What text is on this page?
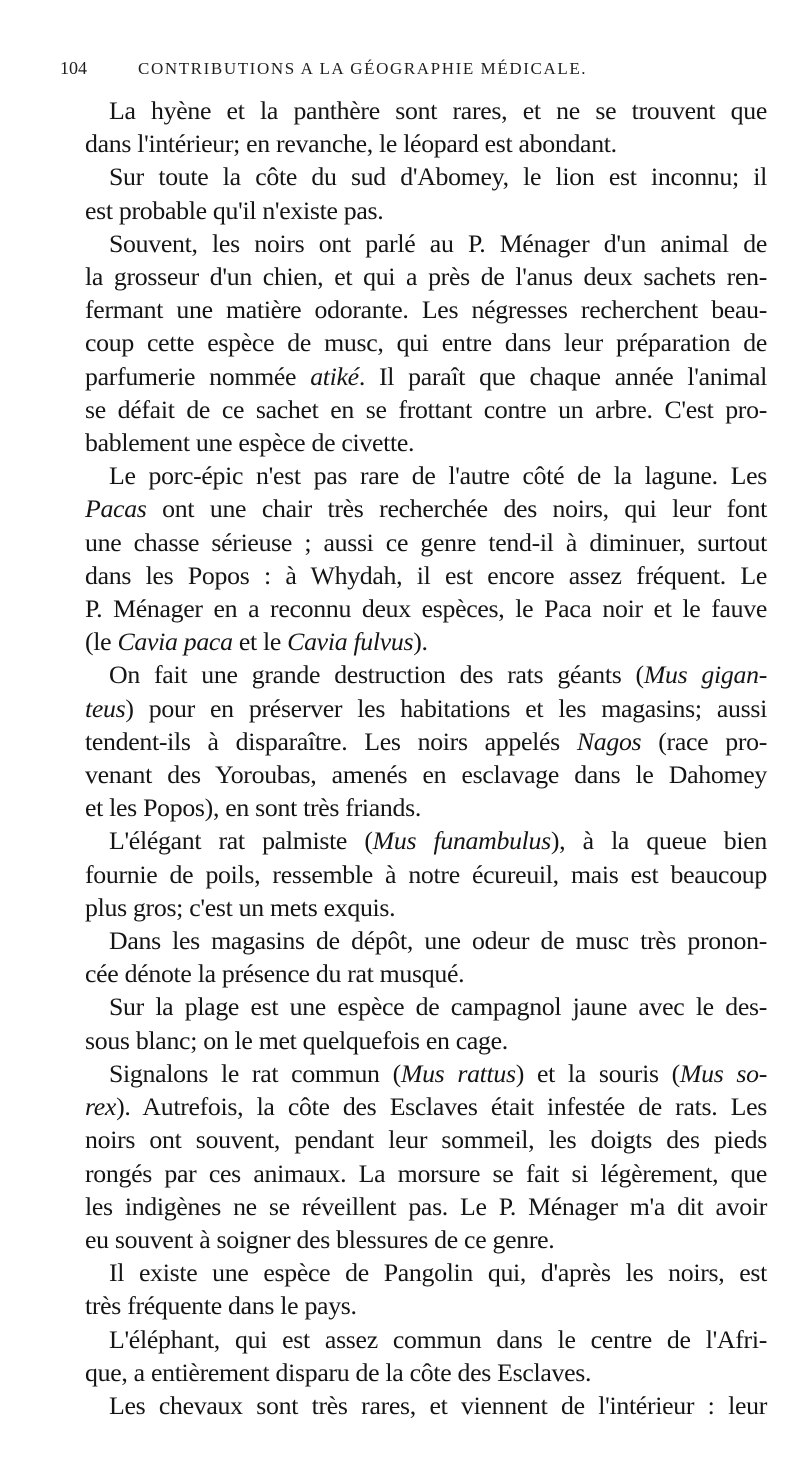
104	CONTRIBUTIONS A LA GÉOGRAPHIE MÉDICALE.

La hyène et la panthère sont rares, et ne se trouvent que
dans l'intérieur; en revanche, le léopard est abondant.

Sur toute la côte du sud d'Abomey, le lion est inconnu; il
est probable qu'il n'existe pas.

Souvent, les noirs ont parlé au P. Ménager d'un animal de
la grosseur d'un chien, et qui a près de l'anus deux sachets ren-
fermant une matière odorante. Les négresses recherchent beau-
coup cette espèce de musc, qui entre dans leur préparation de
parfumerie nommée atiké. Il paraît que chaque année l'animal
se défait de ce sachet en se frottant contre un arbre. C'est pro-
bablement une espèce de civette.

Le porc-épic n'est pas rare de l'autre côté de la lagune. Les
Pacas ont une chair très recherchée des noirs, qui leur font
une chasse sérieuse ; aussi ce genre tend-il à diminuer, surtout
dans les Popos : à Whydah, il est encore assez fréquent. Le
P. Ménager en a reconnu deux espèces, le Paca noir et le fauve
(le Cavia paca et le Cavia fulvus).

On fait une grande destruction des rats géants (Mus gigan-
teus) pour en préserver les habitations et les magasins; aussi
tendent-ils à disparaître. Les noirs appelés Nagos (race pro-
venant des Yoroubas, amenés en esclavage dans le Dahomey
et les Popos), en sont très friands.

L'élégant rat palmiste (Mus funambulus), à la queue bien
fournie de poils, ressemble à notre écureuil, mais est beaucoup
plus gros; c'est un mets exquis.

Dans les magasins de dépôt, une odeur de musc très pronon-
cée dénote la présence du rat musqué.

Sur la plage est une espèce de campagnol jaune avec le des-
sous blanc; on le met quelquefois en cage.

Signalons le rat commun (Mus rattus) et la souris (Mus so-
rex). Autrefois, la côte des Esclaves était infestée de rats. Les
noirs ont souvent, pendant leur sommeil, les doigts des pieds
rongés par ces animaux. La morsure se fait si légèrement, que
les indigènes ne se réveillent pas. Le P. Ménager m'a dit avoir
eu souvent à soigner des blessures de ce genre.

Il existe une espèce de Pangolin qui, d'après les noirs, est
très fréquente dans le pays.

L'éléphant, qui est assez commun dans le centre de l'Afri-
que, a entièrement disparu de la côte des Esclaves.

Les chevaux sont très rares, et viennent de l'intérieur : leur
